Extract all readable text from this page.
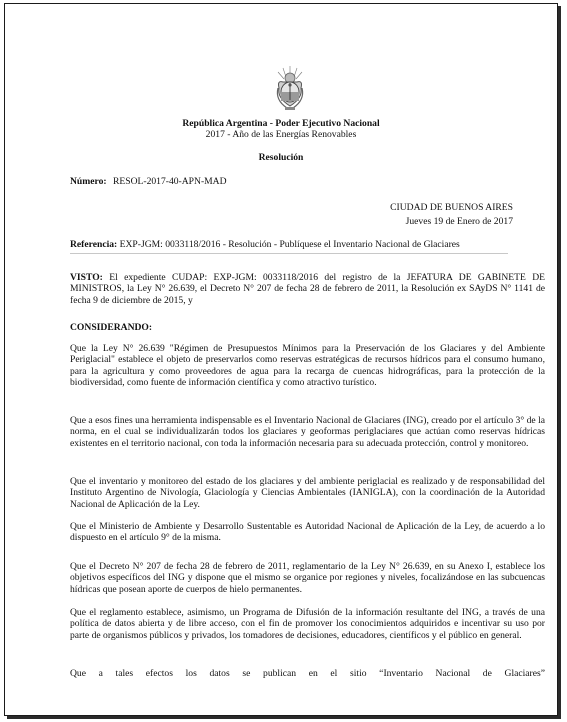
República Argentina - Poder Ejecutivo Nacional
2017 - Año de las Energías Renovables
Resolución
Número: RESOL-2017-40-APN-MAD
CIUDAD DE BUENOS AIRES
Jueves 19 de Enero de 2017
Referencia: EXP-JGM: 0033118/2016 - Resolución - Publíquese el Inventario Nacional de Glaciares
VISTO: El expediente CUDAP: EXP-JGM: 0033118/2016 del registro de la JEFATURA DE GABINETE DE MINISTROS, la Ley N° 26.639, el Decreto N° 207 de fecha 28 de febrero de 2011, la Resolución ex SAyDS N° 1141 de fecha 9 de diciembre de 2015, y
CONSIDERANDO:
Que la Ley N° 26.639 "Régimen de Presupuestos Mínimos para la Preservación de los Glaciares y del Ambiente Periglacial" establece el objeto de preservarlos como reservas estratégicas de recursos hídricos para el consumo humano, para la agricultura y como proveedores de agua para la recarga de cuencas hidrográficas, para la protección de la biodiversidad, como fuente de información científica y como atractivo turístico.
Que a esos fines una herramienta indispensable es el Inventario Nacional de Glaciares (ING), creado por el artículo 3° de la norma, en el cual se individualizarán todos los glaciares y geoformas periglaciares que actúan como reservas hídricas existentes en el territorio nacional, con toda la información necesaria para su adecuada protección, control y monitoreo.
Que el inventario y monitoreo del estado de los glaciares y del ambiente periglacial es realizado y de responsabilidad del Instituto Argentino de Nivología, Glaciología y Ciencias Ambientales (IANIGLA), con la coordinación de la Autoridad Nacional de Aplicación de la Ley.
Que el Ministerio de Ambiente y Desarrollo Sustentable es Autoridad Nacional de Aplicación de la Ley, de acuerdo a lo dispuesto en el artículo 9° de la misma.
Que el Decreto N° 207 de fecha 28 de febrero de 2011, reglamentario de la Ley N° 26.639, en su Anexo I, establece los objetivos específicos del ING y dispone que el mismo se organice por regiones y niveles, focalizándose en las subcuencas hídricas que posean aporte de cuerpos de hielo permanentes.
Que el reglamento establece, asimismo, un Programa de Difusión de la información resultante del ING, a través de una política de datos abierta y de libre acceso, con el fin de promover los conocimientos adquiridos e incentivar su uso por parte de organismos públicos y privados, los tomadores de decisiones, educadores, científicos y el público en general.
Que a tales efectos los datos se publican en el sitio “Inventario Nacional de Glaciares”
